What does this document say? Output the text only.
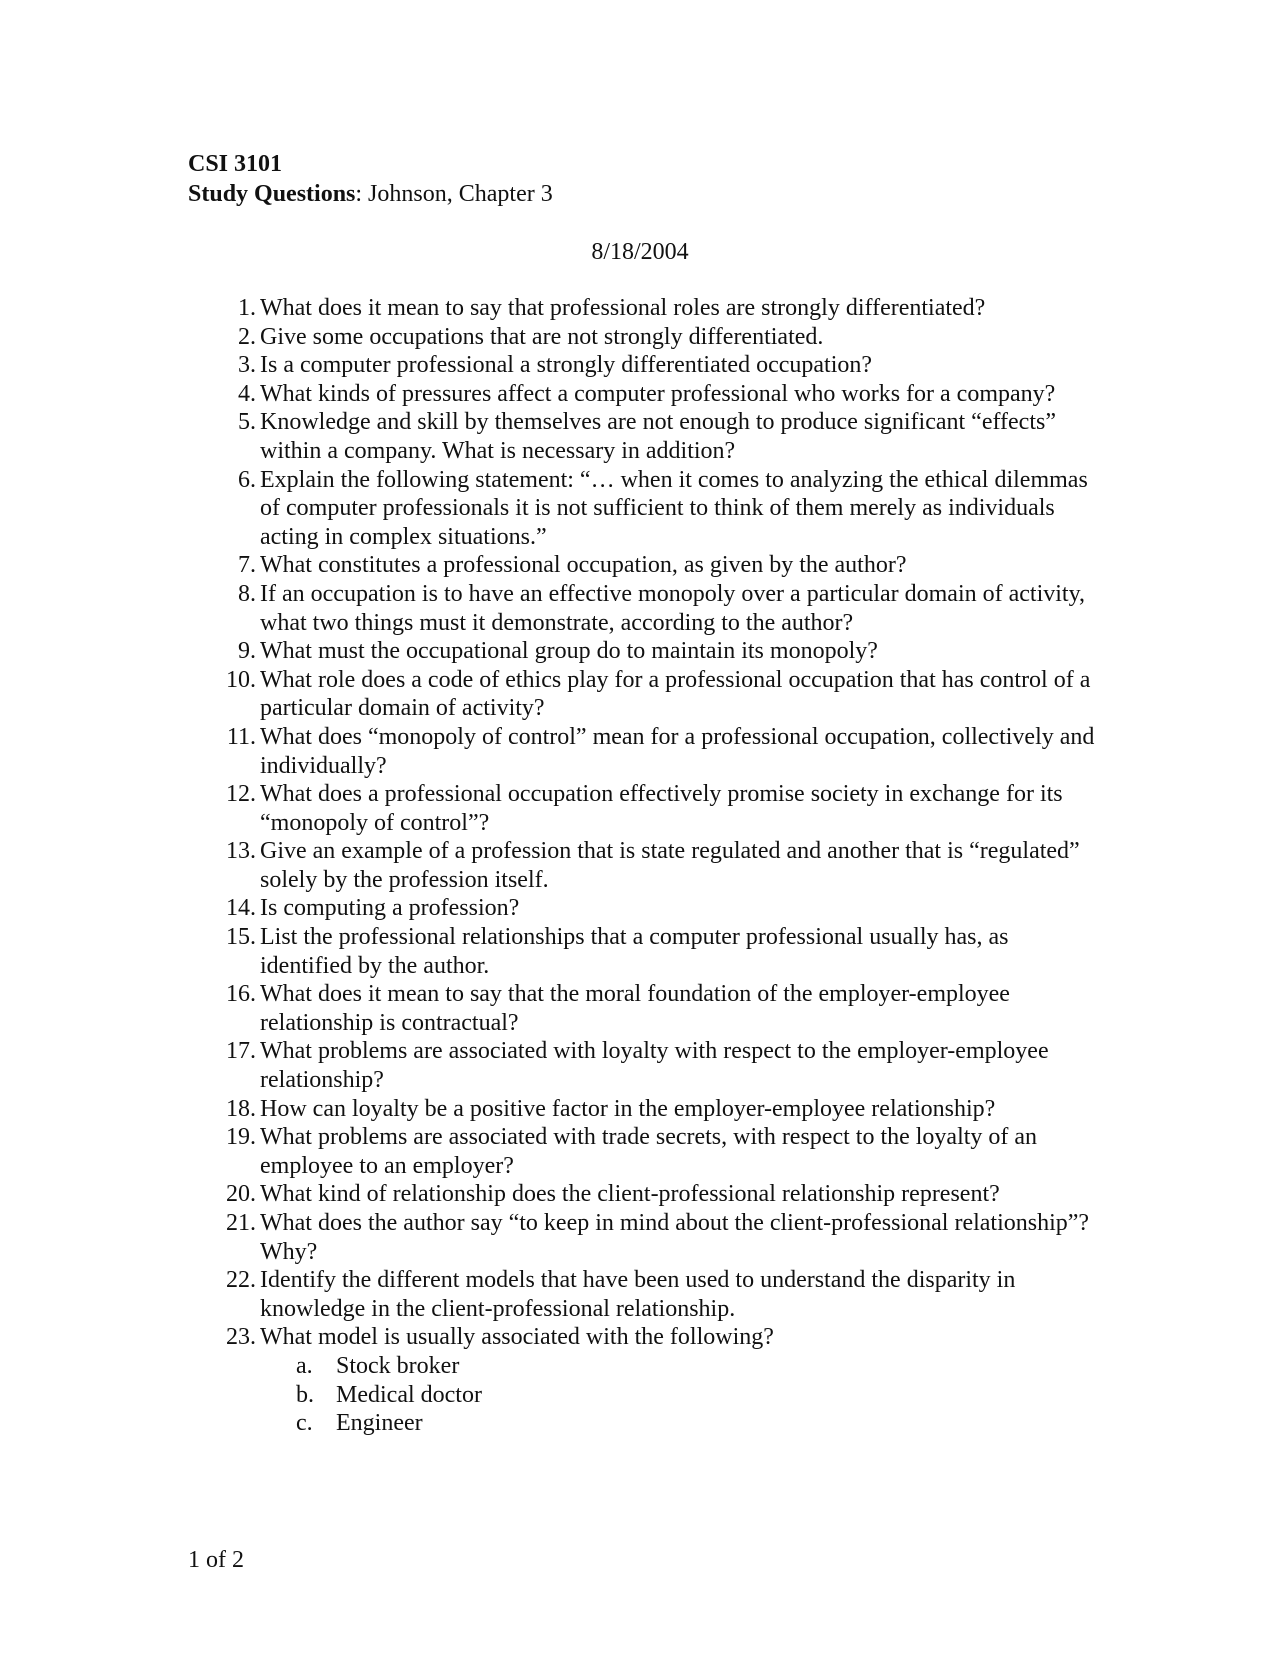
CSI 3101
Study Questions: Johnson, Chapter 3
8/18/2004
1. What does it mean to say that professional roles are strongly differentiated?
2. Give some occupations that are not strongly differentiated.
3. Is a computer professional a strongly differentiated occupation?
4. What kinds of pressures affect a computer professional who works for a company?
5. Knowledge and skill by themselves are not enough to produce significant “effects” within a company. What is necessary in addition?
6. Explain the following statement: “… when it comes to analyzing the ethical dilemmas of computer professionals it is not sufficient to think of them merely as individuals acting in complex situations.”
7. What constitutes a professional occupation, as given by the author?
8. If an occupation is to have an effective monopoly over a particular domain of activity, what two things must it demonstrate, according to the author?
9. What must the occupational group do to maintain its monopoly?
10. What role does a code of ethics play for a professional occupation that has control of a particular domain of activity?
11. What does “monopoly of control” mean for a professional occupation, collectively and individually?
12. What does a professional occupation effectively promise society in exchange for its “monopoly of control”?
13. Give an example of a profession that is state regulated and another that is “regulated” solely by the profession itself.
14. Is computing a profession?
15. List the professional relationships that a computer professional usually has, as identified by the author.
16. What does it mean to say that the moral foundation of the employer-employee relationship is contractual?
17. What problems are associated with loyalty with respect to the employer-employee relationship?
18. How can loyalty be a positive factor in the employer-employee relationship?
19. What problems are associated with trade secrets, with respect to the loyalty of an employee to an employer?
20. What kind of relationship does the client-professional relationship represent?
21. What does the author say “to keep in mind about the client-professional relationship”? Why?
22. Identify the different models that have been used to understand the disparity in knowledge in the client-professional relationship.
23. What model is usually associated with the following?
a. Stock broker
b. Medical doctor
c. Engineer
1 of 2
